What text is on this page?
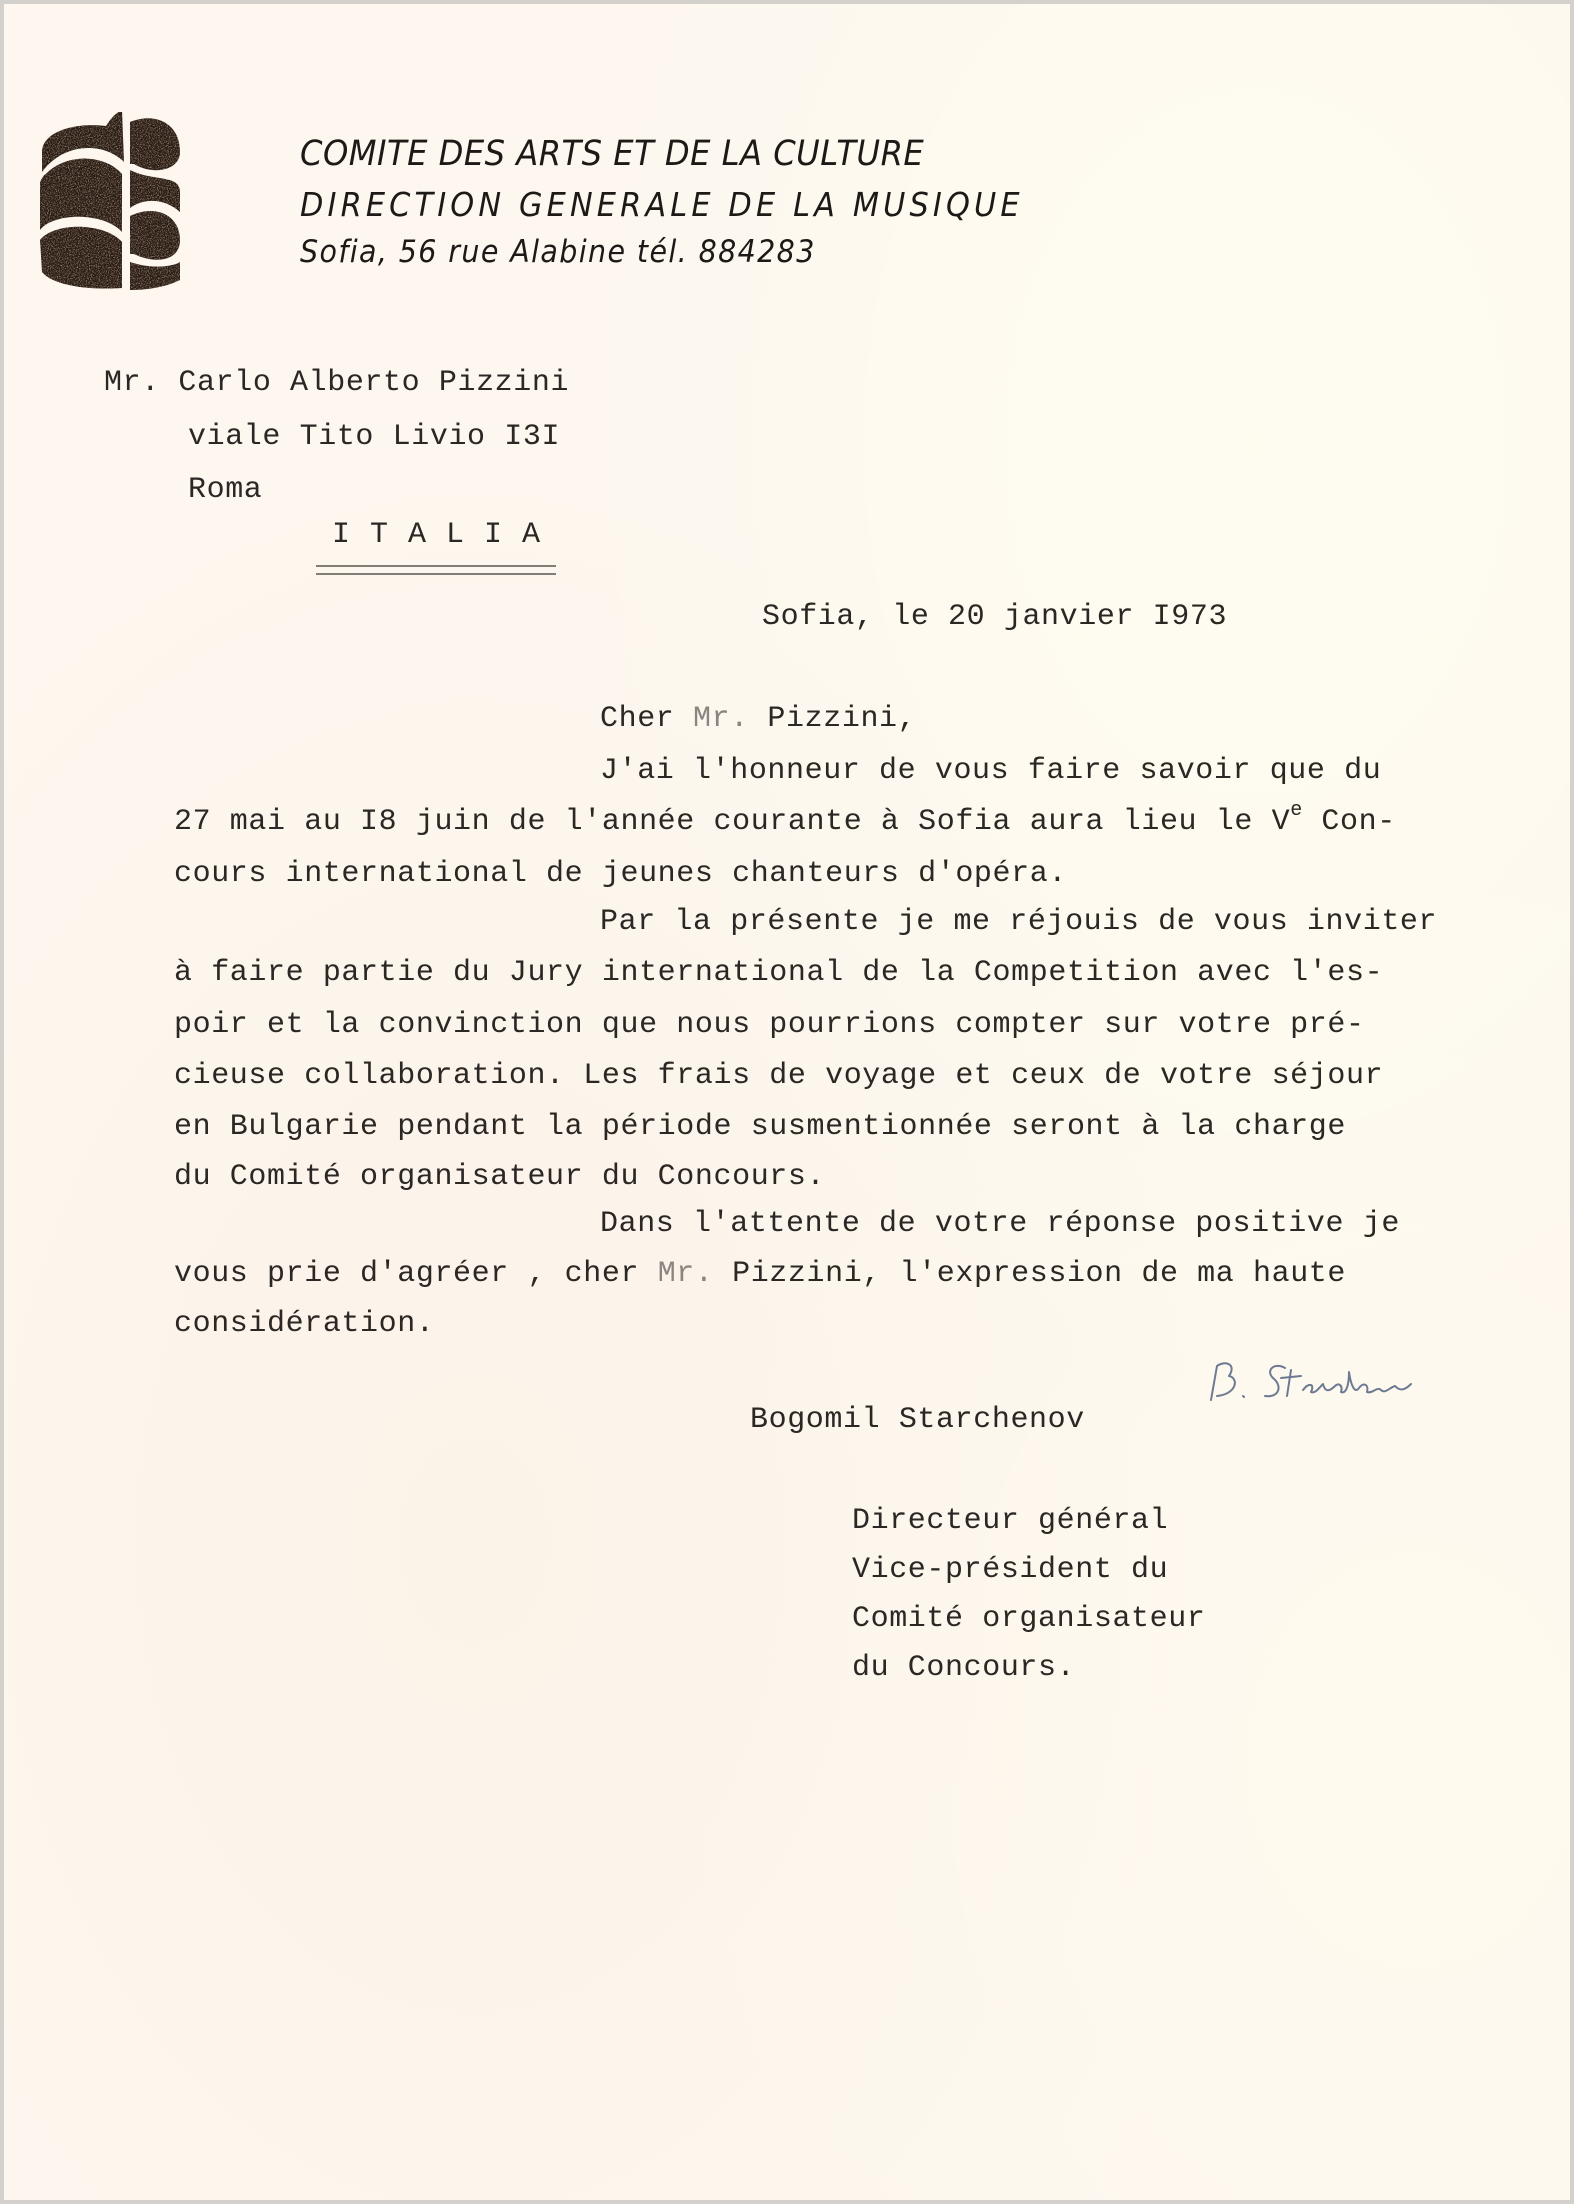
COMITE DES ARTS ET DE LA CULTURE
DIRECTION GENERALE DE LA MUSIQUE
Sofia, 56 rue Alabine tél. 884283
Mr. Carlo Alberto Pizzini
viale Tito Livio I3I
Roma
I T A L I A
Sofia, le 20 janvier I973
Cher Mr. Pizzini,
J'ai l'honneur de vous faire savoir que du
27 mai au I8 juin de l'année courante à Sofia aura lieu le Ve Con-
cours international de jeunes chanteurs d'opéra.
Par la présente je me réjouis de vous inviter
à faire partie du Jury international de la Competition avec l'es-
poir et la convinction que nous pourrions compter sur votre pré-
cieuse collaboration. Les frais de voyage et ceux de votre séjour
en Bulgarie pendant la période susmentionnée seront à la charge
du Comité organisateur du Concours.
Dans l'attente de votre réponse positive je
vous prie d'agréer , cher Mr. Pizzini, l'expression de ma haute
considération.
Bogomil Starchenov
Directeur général
Vice-président du
Comité organisateur
du Concours.
